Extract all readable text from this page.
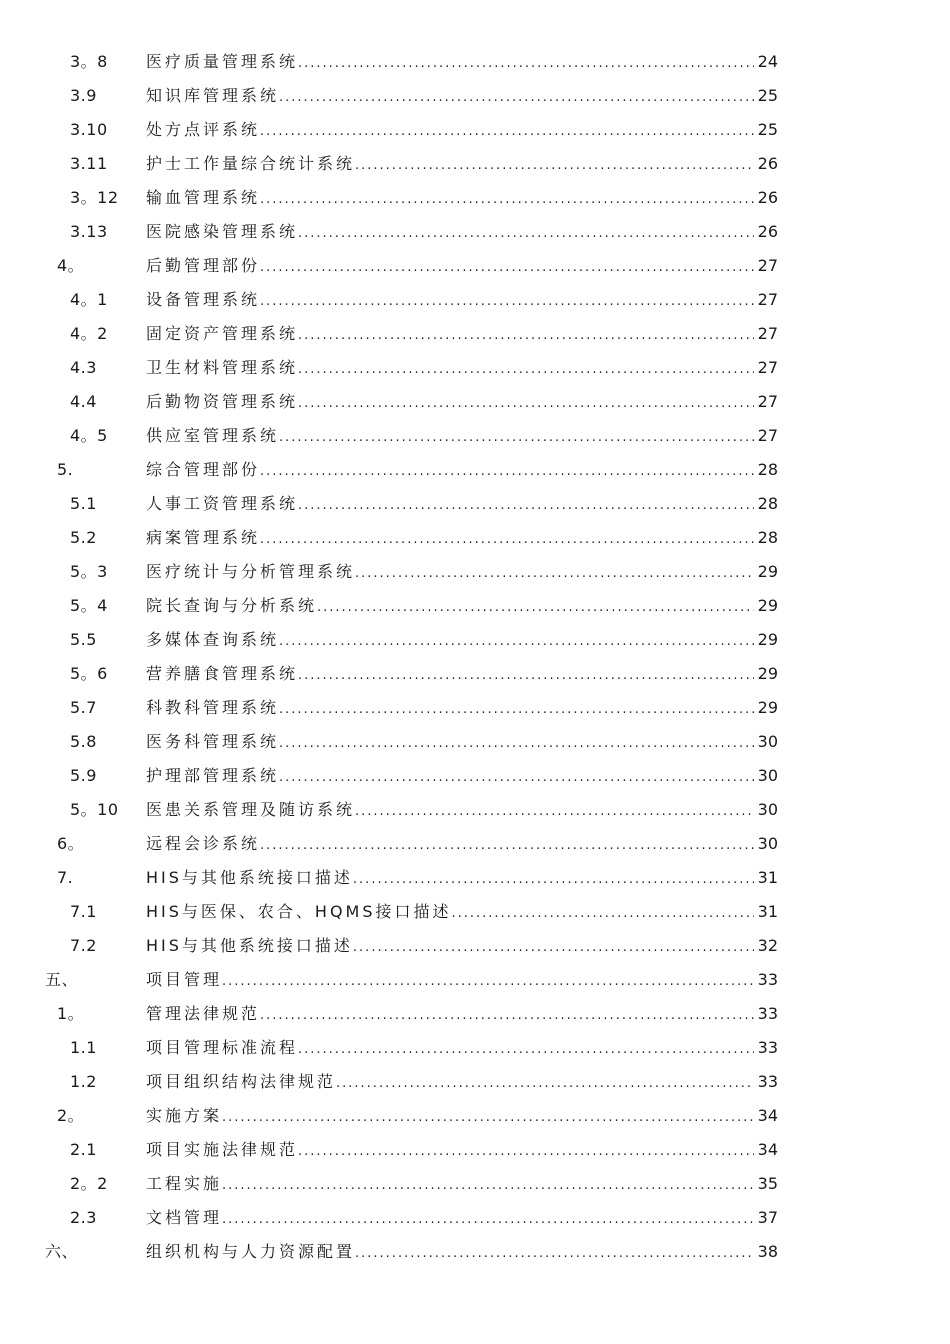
3。8 医疗质量管理系统 .....	24
3.9	知识库管理系统 .....	25
3.10 处方点评系统 .....	25
3.11 护士工作量综合统计系统 .....	26
3。12 输血管理系统 .....	26
3.13 医院感染管理系统 .....	26
4。	后勤管理部份 .....	27
4。1 设备管理系统 .....	27
4。2 固定资产管理系统 .....	27
4.3	卫生材料管理系统 .....	27
4.4	后勤物资管理系统 .....	27
4。5 供应室管理系统 .....	27
5.	综合管理部份 .....	28
5.1	人事工资管理系统 .....	28
5.2	病案管理系统 .....	28
5。3 医疗统计与分析管理系统 .....	29
5。4 院长查询与分析系统 .....	29
5.5	多媒体查询系统 .....	29
5。6 营养膳食管理系统 .....	29
5.7	科教科管理系统 .....	29
5.8	医务科管理系统 .....	30
5.9	护理部管理系统 .....	30
5。10 医患关系管理及随访系统 .....	30
6。	远程会诊系统 .....	30
7.	HIS与其他系统接口描述 .....	31
7.1	HIS与医保、农合、HQMS接口描述 .....	31
7.2	HIS与其他系统接口描述 .....	32
五、	项目管理 .....	33
1。	管理法律规范 .....	33
1.1	项目管理标准流程 .....	33
1.2	项目组织结构法律规范 .....	33
2。	实施方案 .....	34
2.1	项目实施法律规范 .....	34
2。2 工程实施 .....	35
2.3	文档管理 .....	37
六、	组织机构与人力资源配置 .....	38
